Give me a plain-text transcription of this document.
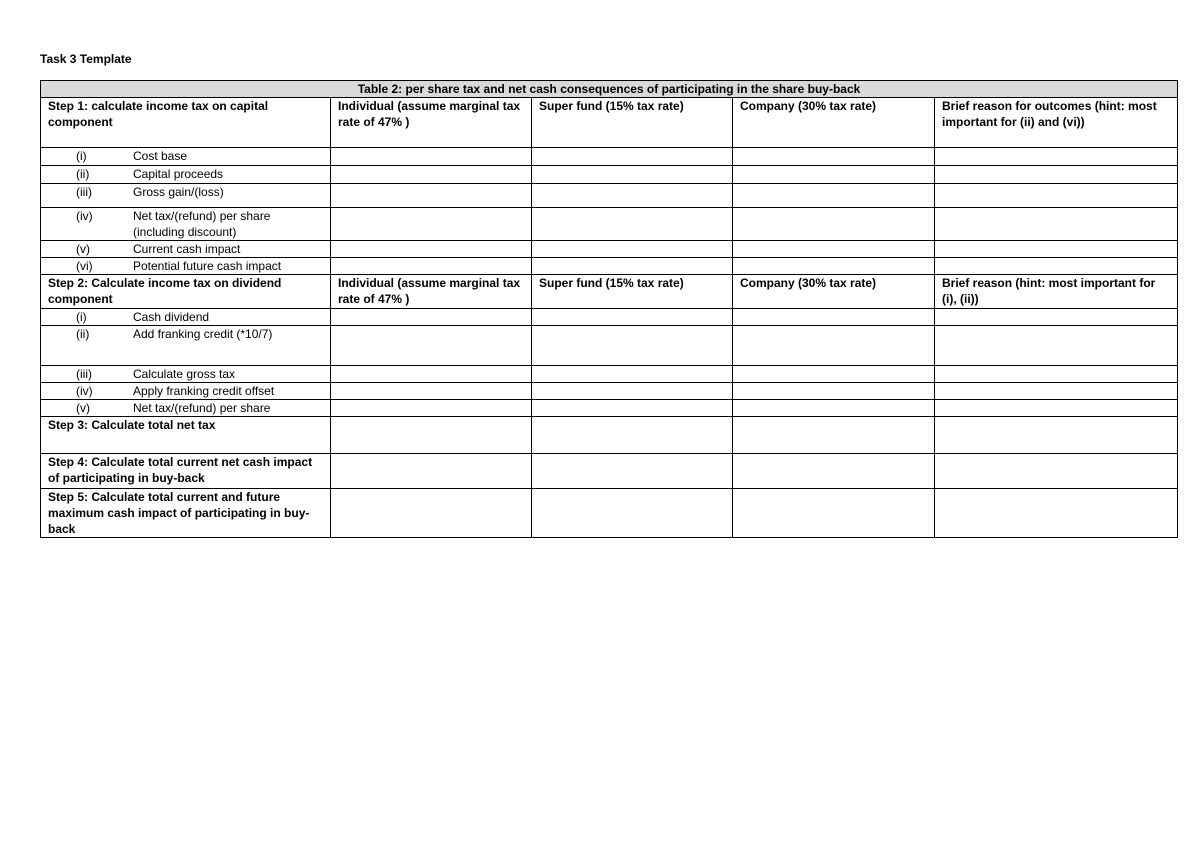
Task 3 Template
Table 2: per share tax and net cash consequences of participating in the share buy-back				
Step 1: calculate income tax on capital component	Individual (assume marginal tax rate of 47% )	Super fund (15% tax rate)	Company (30% tax rate)	Brief reason for outcomes (hint: most important for (ii) and (vi))

(i) Cost base				

(ii) Capital proceeds				

(iii) Gross gain/(loss)				

(iv) Net tax/(refund) per share (including discount)				

(v) Current cash impact				

(vi) Potential future cash impact				

Step 2: Calculate income tax on dividend component	Individual (assume marginal tax rate of 47% )	Super fund (15% tax rate)	Company (30% tax rate)	Brief reason (hint: most important for (i), (ii))

(i) Cash dividend				

(ii) Add franking credit (*10/7)				

(iii) Calculate gross tax				

(iv) Apply franking credit offset				

(v) Net tax/(refund) per share				

Step 3: Calculate total net tax				
Step 4: Calculate total current net cash impact of participating in buy-back				
Step 5: Calculate total current and future maximum cash impact of participating in buy-back				
